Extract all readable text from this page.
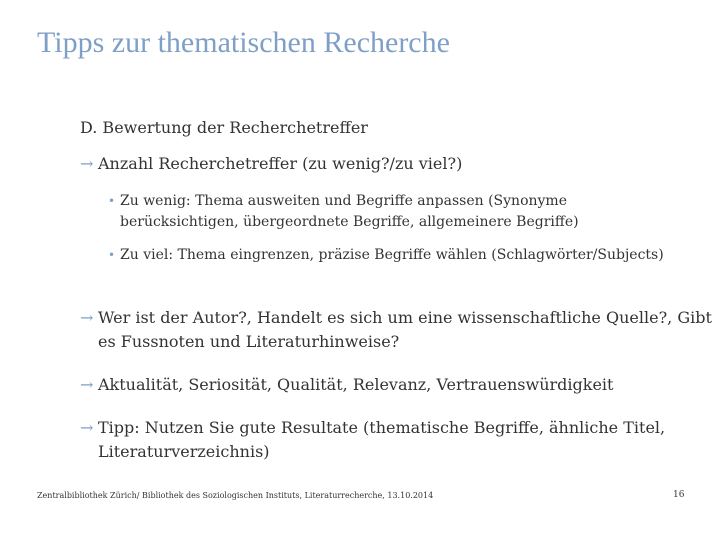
Tipps zur thematischen Recherche
D. Bewertung der Recherchetreffer
→ Anzahl Recherchetreffer (zu wenig?/zu viel?)
• Zu wenig: Thema ausweiten und Begriffe anpassen (Synonyme berücksichtigen, übergeordnete Begriffe, allgemeinere Begriffe)
• Zu viel: Thema eingrenzen, präzise Begriffe wählen (Schlagwörter/Subjects)
→ Wer ist der Autor?, Handelt es sich um eine wissenschaftliche Quelle?, Gibt es Fussnoten und Literaturhinweise?
→ Aktualität, Seriosität, Qualität, Relevanz, Vertrauenswürdigkeit
→ Tipp: Nutzen Sie gute Resultate (thematische Begriffe, ähnliche Titel, Literaturverzeichnis)
Zentralbibliothek Zürich/ Bibliothek des Soziologischen Instituts, Literaturrecherche, 13.10.2014	16
